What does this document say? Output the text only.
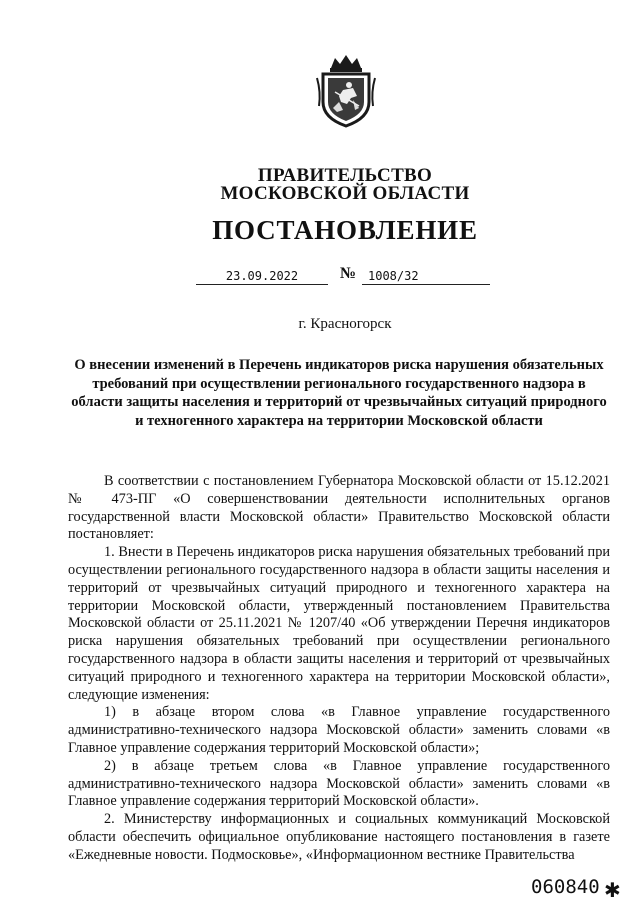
ПРАВИТЕЛЬСТВО
МОСКОВСКОЙ ОБЛАСТИ
ПОСТАНОВЛЕНИЕ
23.09.2022	№ 1008/32
г. Красногорск
О внесении изменений в Перечень индикаторов риска нарушения обязательных требований при осуществлении регионального государственного надзора в области защиты населения и территорий от чрезвычайных ситуаций природного и техногенного характера на территории Московской области

В соответствии с постановлением Губернатора Московской области от 15.12.2021 № 473-ПГ «О совершенствовании деятельности исполнительных органов государственной власти Московской области» Правительство Московской области постановляет:

1. Внести в Перечень индикаторов риска нарушения обязательных требований при осуществлении регионального государственного надзора в области защиты населения и территорий от чрезвычайных ситуаций природного и техногенного характера на территории Московской области, утвержденный постановлением Правительства Московской области от 25.11.2021 № 1207/40 «Об утверждении Перечня индикаторов риска нарушения обязательных требований при осуществлении регионального государственного надзора в области защиты населения и территорий от чрезвычайных ситуаций природного и техногенного характера на территории Московской области», следующие изменения:

1) в абзаце втором слова «в Главное управление государственного административно-технического надзора Московской области» заменить словами «в Главное управление содержания территорий Московской области»;

2) в абзаце третьем слова «в Главное управление государственного административно-технического надзора Московской области» заменить словами «в Главное управление содержания территорий Московской области».

2. Министерству информационных и социальных коммуникаций Московской области обеспечить официальное опубликование настоящего постановления в газете «Ежедневные новости. Подмосковье», «Информационном вестнике Правительства

060840 ✱
